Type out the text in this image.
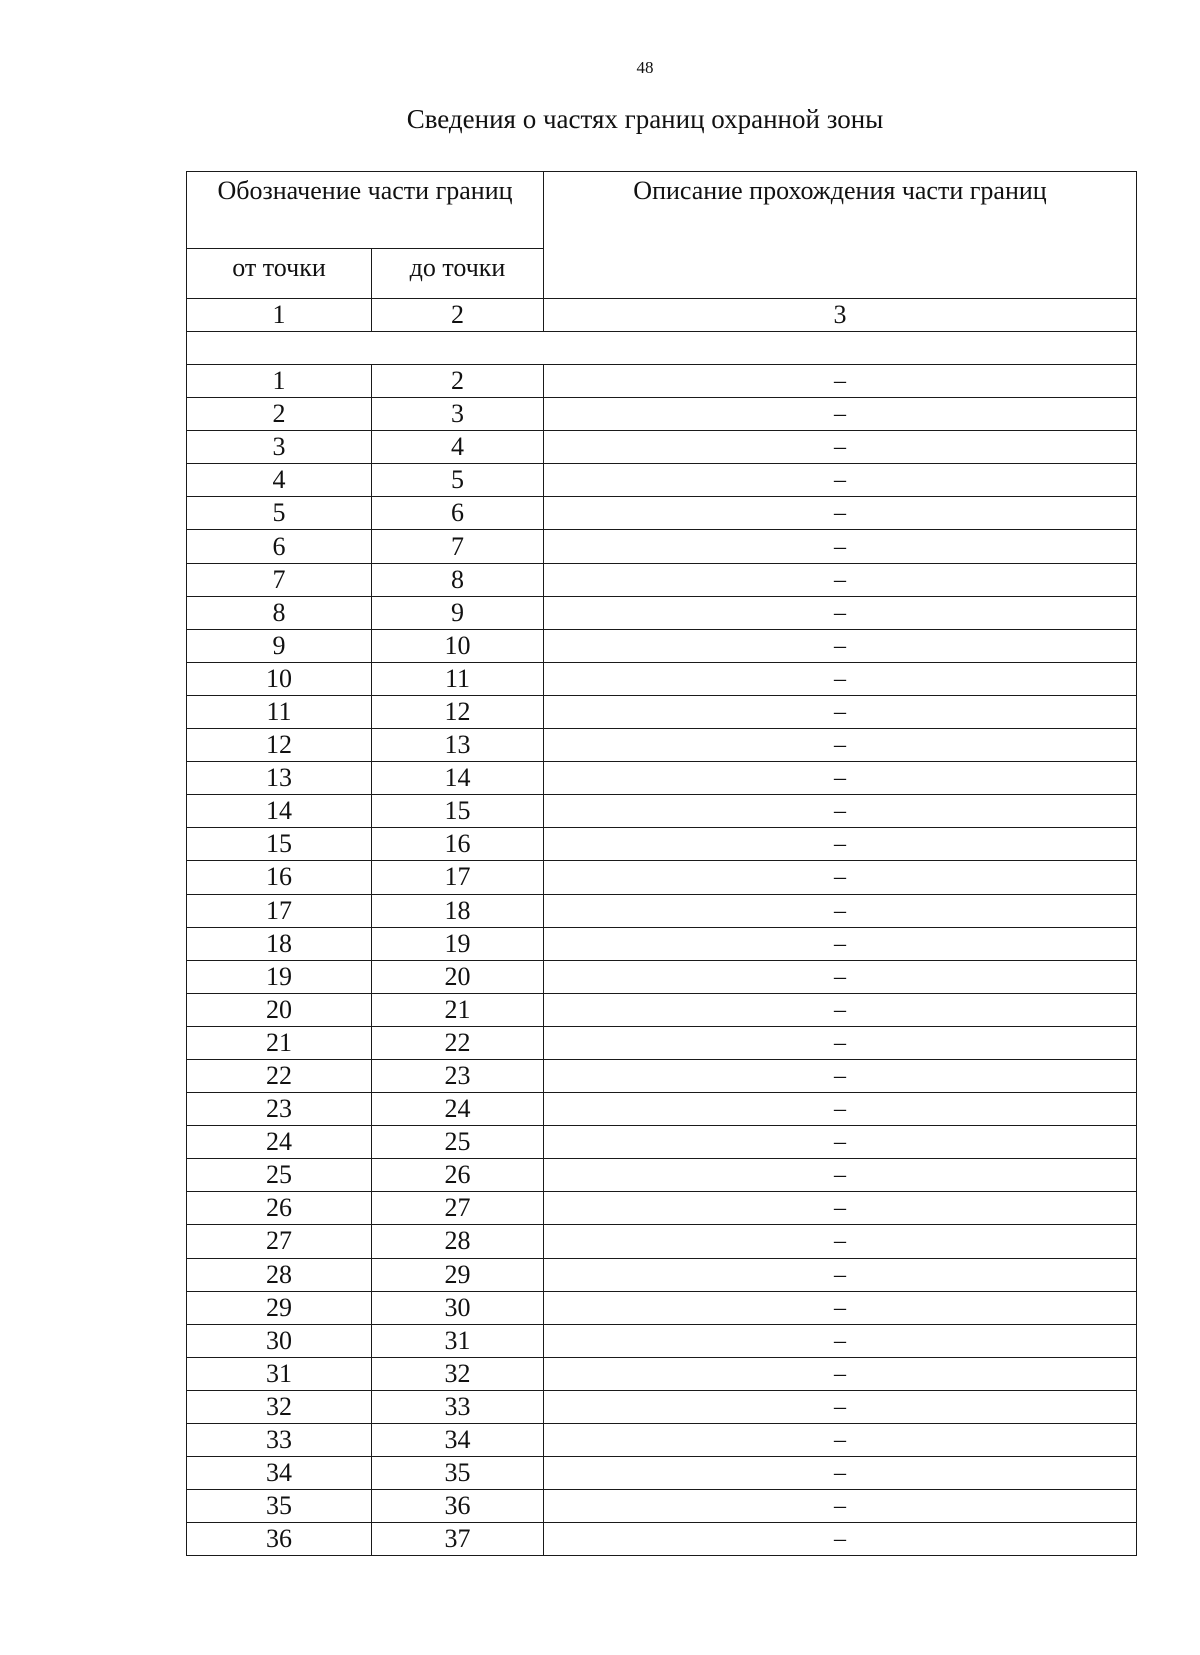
48
Сведения о частях границ охранной зоны
Обозначение части границ		Описание прохождения части границ
от точки	до точки	
1	2	3

1	2	–
2	3	–
3	4	–
4	5	–
5	6	–
6	7	–
7	8	–
8	9	–
9	10	–
10	11	–
11	12	–
12	13	–
13	14	–
14	15	–
15	16	–
16	17	–
17	18	–
18	19	–
19	20	–
20	21	–
21	22	–
22	23	–
23	24	–
24	25	–
25	26	–
26	27	–
27	28	–
28	29	–
29	30	–
30	31	–
31	32	–
32	33	–
33	34	–
34	35	–
35	36	–
36	37	–
